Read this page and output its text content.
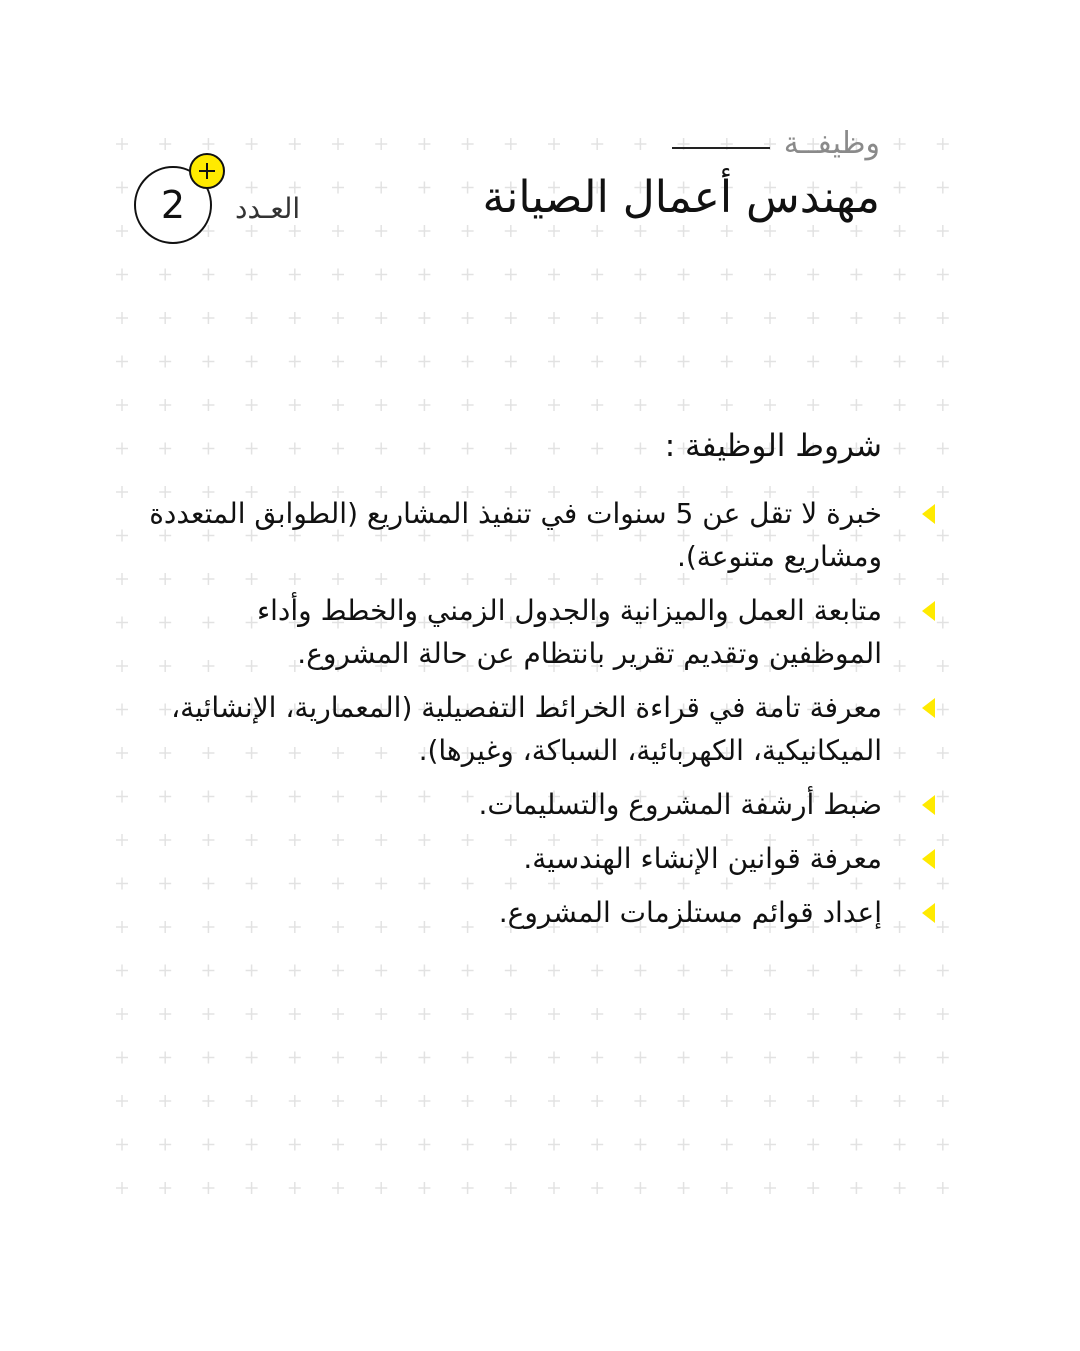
وظيفــة
مهندس أعمال الصيانة
العـدد
2
شروط الوظيفة :
خبرة لا تقل عن 5 سنوات في تنفيذ المشاريع (الطوابق المتعددة ومشاريع متنوعة).
متابعة العمل والميزانية والجدول الزمني والخطط وأداء الموظفين وتقديم تقرير بانتظام عن حالة المشروع.
معرفة تامة في قراءة الخرائط التفصيلية (المعمارية، الإنشائية، الميكانيكية، الكهربائية، السباكة، وغيرها).
ضبط أرشفة المشروع والتسليمات.
معرفة قوانين الإنشاء الهندسية.
إعداد قوائم مستلزمات المشروع.
